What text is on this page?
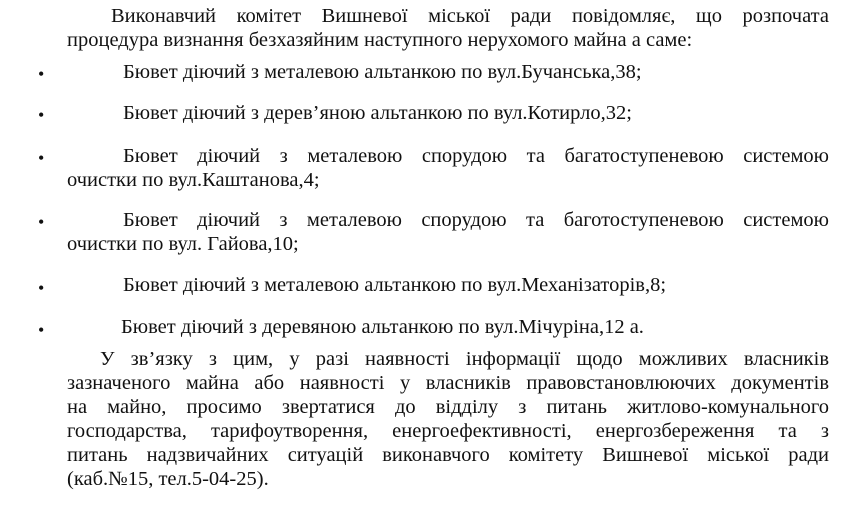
Виконавчий комітет Вишневої міської ради повідомляє, що розпочата
процедура визнання безхазяйним наступного нерухомого майна а саме:
•	Бювет діючий з металевою альтанкою по вул.Бучанська,38;
•	Бювет діючий з дерев’яною альтанкою по вул.Котирло,32;
•	Бювет діючий з металевою спорудою та багатоступеневою системою
очистки по вул.Каштанова,4;
•	Бювет діючий з металевою спорудою та баготоступеневою системою
очистки по вул. Гайова,10;
•	Бювет діючий з металевою альтанкою по вул.Механізаторів,8;
•	Бювет діючий з деревяною альтанкою по вул.Мічуріна,12 а.
У зв’язку з цим, у разі наявності інформації щодо можливих власників
зазначеного майна або наявності у власників правовстановлюючих документів
на майно, просимо звертатися до відділу з питань житлово-комунального
господарства, тарифоутворення, енергоефективності, енергозбереження та з
питань надзвичайних ситуацій виконавчого комітету Вишневої міської ради
(каб.№15, тел.5-04-25).
